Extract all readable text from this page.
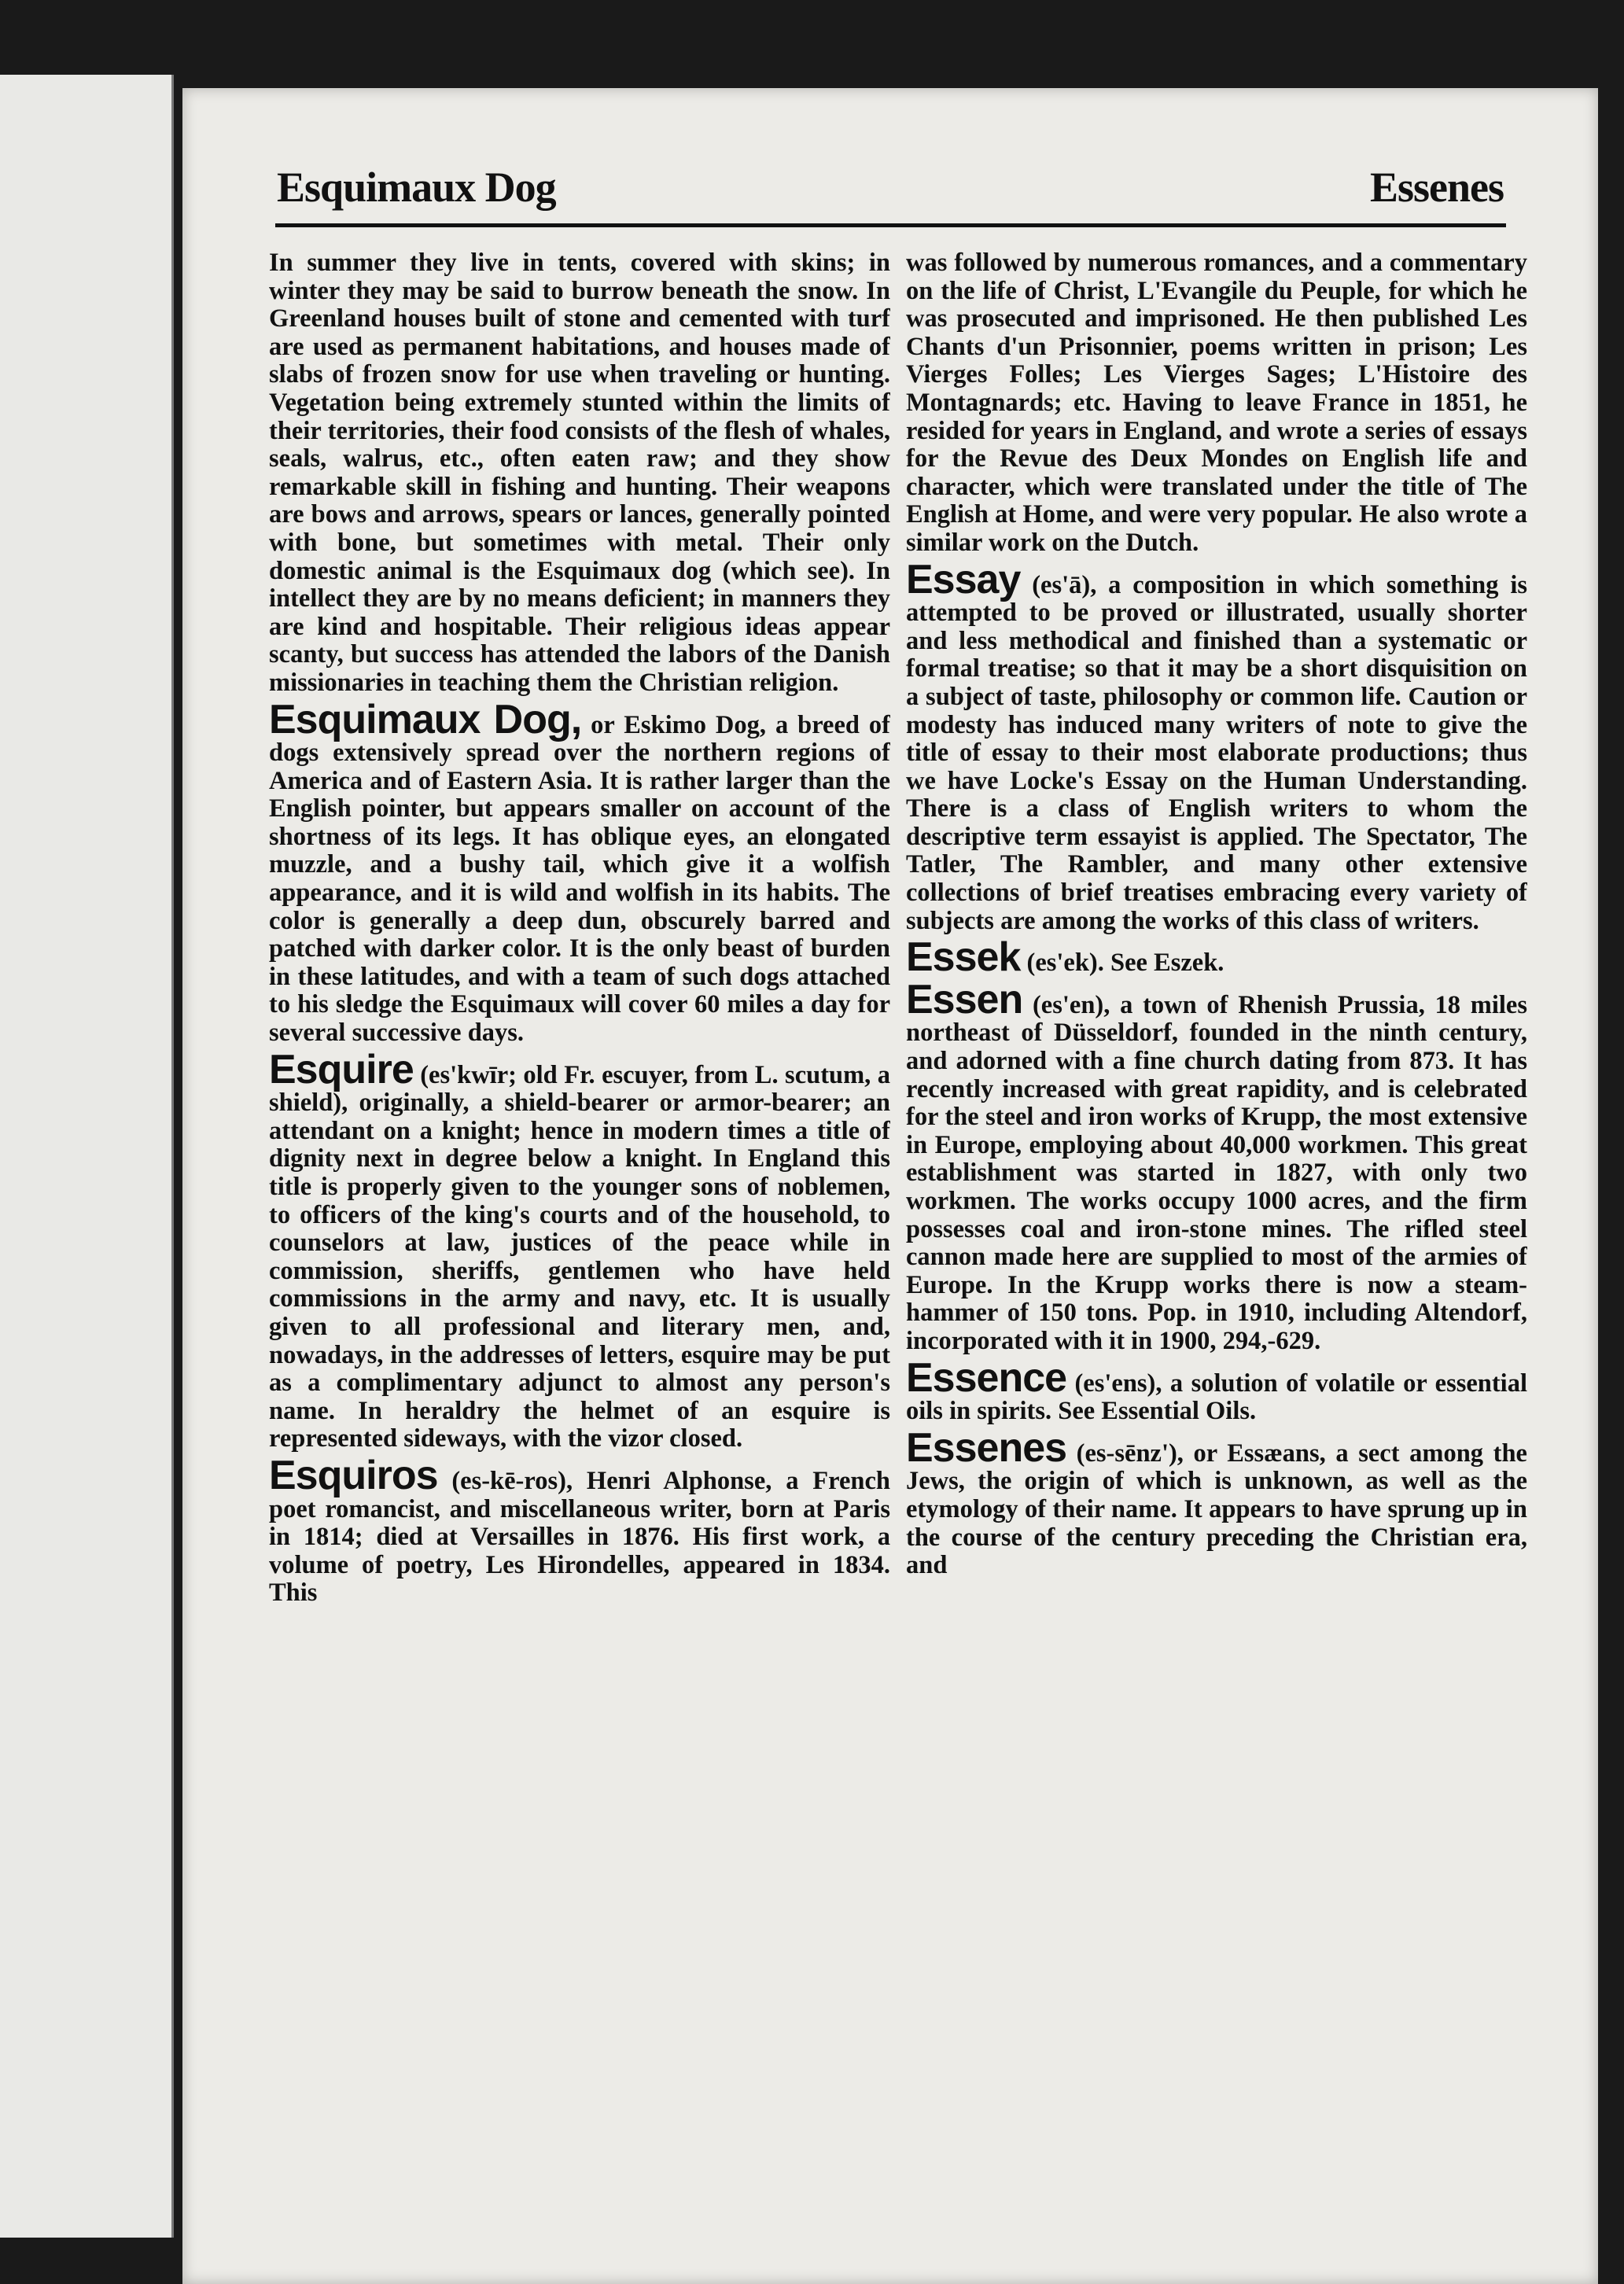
Esquimaux Dog	Essenes

In summer they live in tents, covered with skins; in winter they may be said to burrow beneath the snow. In Greenland houses built of stone and cemented with turf are used as permanent habitations, and houses made of slabs of frozen snow for use when traveling or hunting. Vegetation being extremely stunted within the limits of their territories, their food consists of the flesh of whales, seals, walrus, etc., often eaten raw; and they show remarkable skill in fishing and hunting. Their weapons are bows and arrows, spears or lances, generally pointed with bone, but sometimes with metal. Their only domestic animal is the Esquimaux dog (which see). In intellect they are by no means deficient; in manners they are kind and hospitable. Their religious ideas appear scanty, but success has attended the labors of the Danish missionaries in teaching them the Christian religion.

Esquimaux Dog, or Eskimo Dog, a breed of dogs extensively spread over the northern regions of America and of Eastern Asia. It is rather larger than the English pointer, but appears smaller on account of the shortness of its legs. It has oblique eyes, an elongated muzzle, and a bushy tail, which give it a wolfish appearance, and it is wild and wolfish in its habits. The color is generally a deep dun, obscurely barred and patched with darker color. It is the only beast of burden in these latitudes, and with a team of such dogs attached to his sledge the Esquimaux will cover 60 miles a day for several successive days.

Esquire (es'kwīr; old Fr. escuyer, from L. scutum, a shield), originally, a shield-bearer or armor-bearer; an attendant on a knight; hence in modern times a title of dignity next in degree below a knight. In England this title is properly given to the younger sons of noblemen, to officers of the king's courts and of the household, to counselors at law, justices of the peace while in commission, sheriffs, gentlemen who have held commissions in the army and navy, etc. It is usually given to all professional and literary men, and, nowadays, in the addresses of letters, esquire may be put as a complimentary adjunct to almost any person's name. In heraldry the helmet of an esquire is represented sideways, with the vizor closed.

Esquiros (es-kē-ros), Henri Alphonse, a French poet romancist, and miscellaneous writer, born at Paris in 1814; died at Versailles in 1876. His first work, a volume of poetry, Les Hirondelles, appeared in 1834. This

was followed by numerous romances, and a commentary on the life of Christ, L'Evangile du Peuple, for which he was prosecuted and imprisoned. He then published Les Chants d'un Prisonnier, poems written in prison; Les Vierges Folles; Les Vierges Sages; L'Histoire des Montagnards; etc. Having to leave France in 1851, he resided for years in England, and wrote a series of essays for the Revue des Deux Mondes on English life and character, which were translated under the title of The English at Home, and were very popular. He also wrote a similar work on the Dutch.

Essay (es'ā), a composition in which something is attempted to be proved or illustrated, usually shorter and less methodical and finished than a systematic or formal treatise; so that it may be a short disquisition on a subject of taste, philosophy or common life. Caution or modesty has induced many writers of note to give the title of essay to their most elaborate productions; thus we have Locke's Essay on the Human Understanding. There is a class of English writers to whom the descriptive term essayist is applied. The Spectator, The Tatler, The Rambler, and many other extensive collections of brief treatises embracing every variety of subjects are among the works of this class of writers.

Essek (es'ek). See Eszek.

Essen (es'en), a town of Rhenish Prussia, 18 miles northeast of Düsseldorf, founded in the ninth century, and adorned with a fine church dating from 873. It has recently increased with great rapidity, and is celebrated for the steel and iron works of Krupp, the most extensive in Europe, employing about 40,000 workmen. This great establishment was started in 1827, with only two workmen. The works occupy 1000 acres, and the firm possesses coal and iron-stone mines. The rifled steel cannon made here are supplied to most of the armies of Europe. In the Krupp works there is now a steam-hammer of 150 tons. Pop. in 1910, including Altendorf, incorporated with it in 1900, 294,-629.

Essence (es'ens), a solution of volatile or essential oils in spirits. See Essential Oils.

Essenes (es-sēnz'), or Essæans, a sect among the Jews, the origin of which is unknown, as well as the etymology of their name. It appears to have sprung up in the course of the century preceding the Christian era, and
